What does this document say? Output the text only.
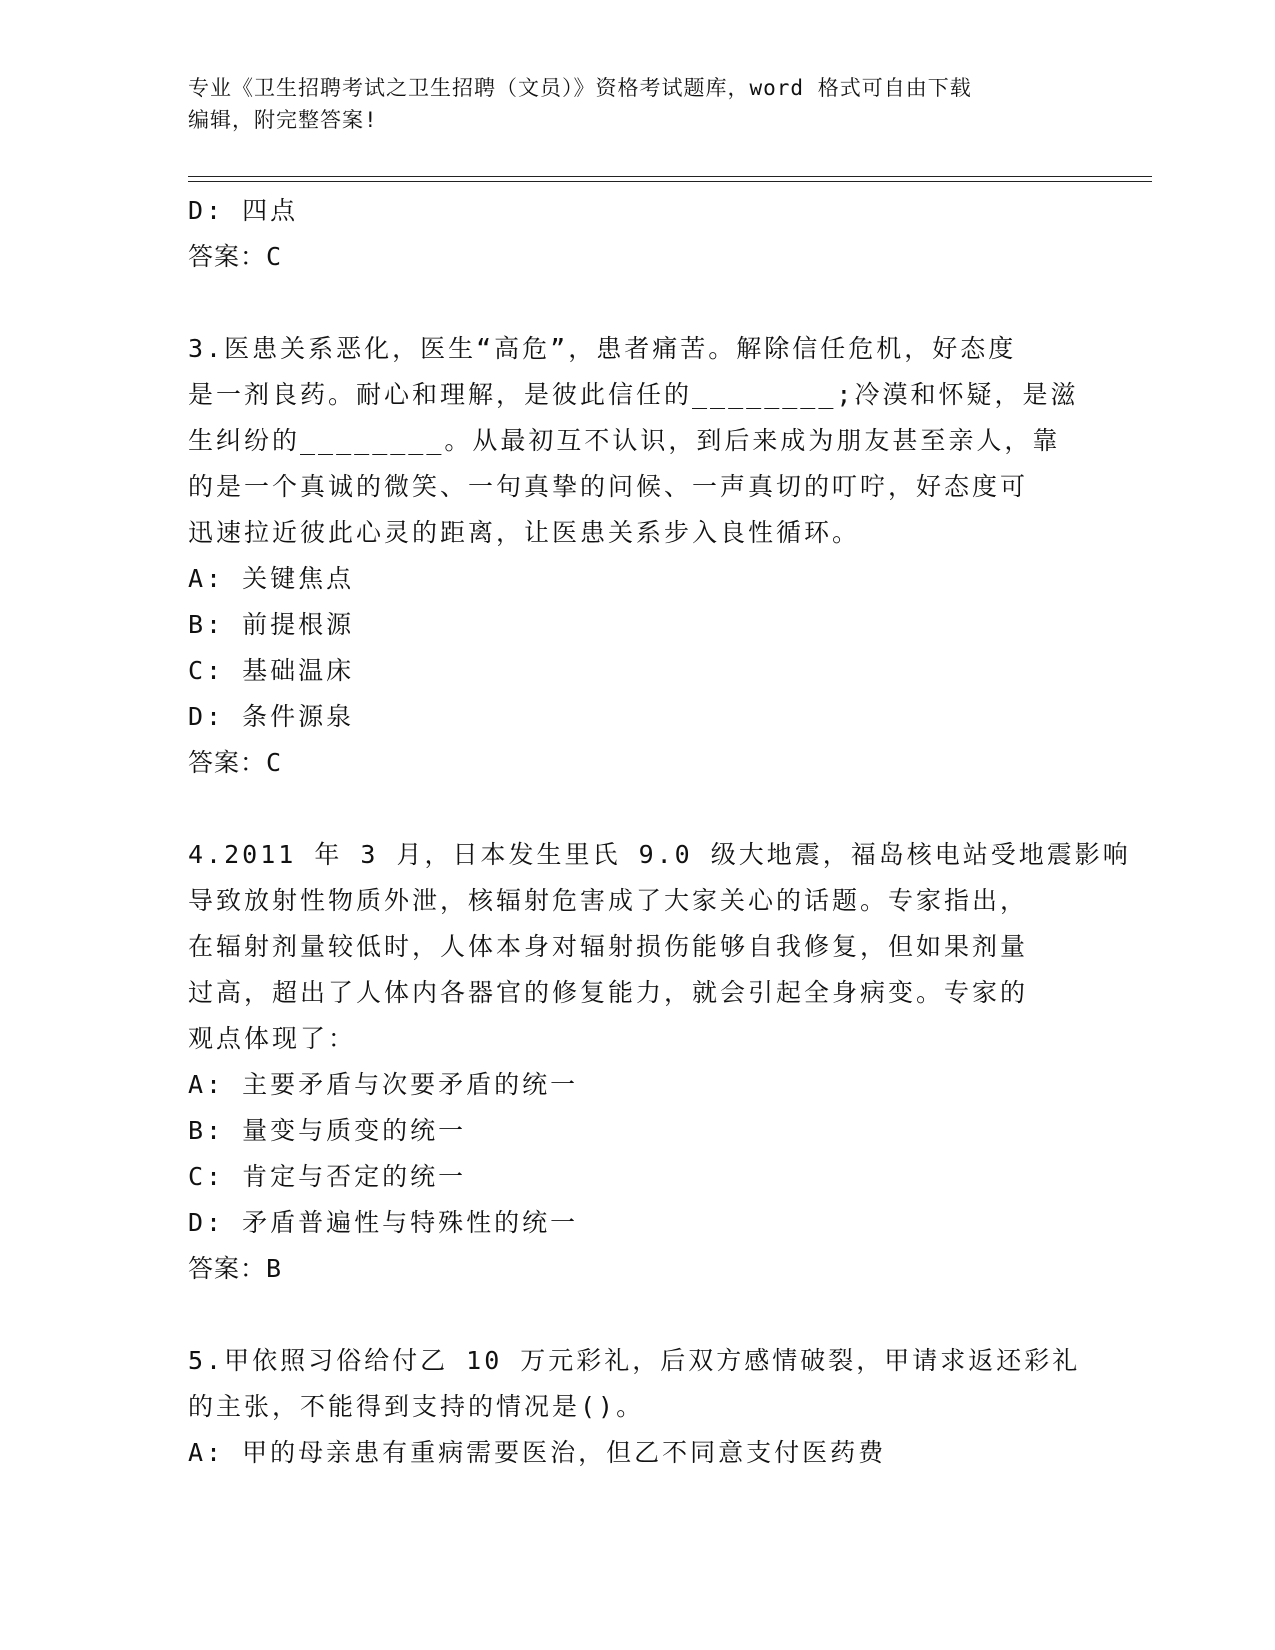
专业《卫生招聘考试之卫生招聘（文员）》资格考试题库，word 格式可自由下载
编辑，附完整答案!
D: 四点
答案：C
3.医患关系恶化，医生“高危”，患者痛苦。解除信任危机，好态度
是一剂良药。耐心和理解，是彼此信任的________;冷漠和怀疑，是滋
生纠纷的________。从最初互不认识，到后来成为朋友甚至亲人，靠
的是一个真诚的微笑、一句真挚的问候、一声真切的叮咛，好态度可
迅速拉近彼此心灵的距离，让医患关系步入良性循环。
A: 关键焦点
B: 前提根源
C: 基础温床
D: 条件源泉
答案：C
4.2011 年 3 月，日本发生里氏 9.0 级大地震，福岛核电站受地震影响
导致放射性物质外泄，核辐射危害成了大家关心的话题。专家指出，
在辐射剂量较低时，人体本身对辐射损伤能够自我修复，但如果剂量
过高，超出了人体内各器官的修复能力，就会引起全身病变。专家的
观点体现了：
A: 主要矛盾与次要矛盾的统一
B: 量变与质变的统一
C: 肯定与否定的统一
D: 矛盾普遍性与特殊性的统一
答案：B
5.甲依照习俗给付乙 10 万元彩礼，后双方感情破裂，甲请求返还彩礼
的主张，不能得到支持的情况是()。
A: 甲的母亲患有重病需要医治，但乙不同意支付医药费
